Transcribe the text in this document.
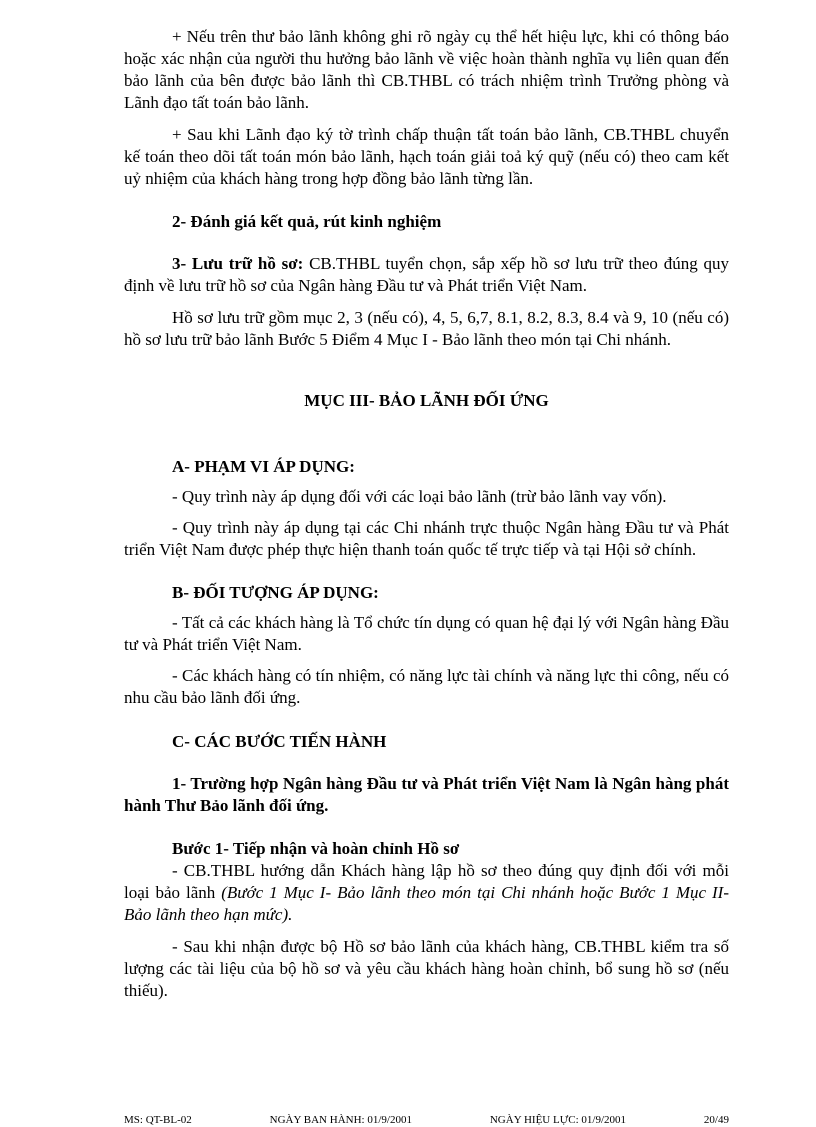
+ Nếu trên thư bảo lãnh không ghi rõ ngày cụ thể hết hiệu lực, khi có thông báo hoặc xác nhận của người thu hưởng bảo lãnh về việc hoàn thành nghĩa vụ liên quan đến bảo lãnh của bên được bảo lãnh thì CB.THBL có trách nhiệm trình Trưởng phòng và Lãnh đạo tất toán bảo lãnh.

+ Sau khi Lãnh đạo ký tờ trình chấp thuận tất toán bảo lãnh, CB.THBL chuyển kế toán theo dõi tất toán món bảo lãnh, hạch toán giải toả ký quỹ (nếu có) theo cam kết uỷ nhiệm của khách hàng trong hợp đồng bảo lãnh từng lần.

2- Đánh giá kết quả, rút kinh nghiệm

3- Lưu trữ hồ sơ: CB.THBL tuyển chọn, sắp xếp hồ sơ lưu trữ theo đúng quy định về lưu trữ hồ sơ của Ngân hàng Đầu tư và Phát triển Việt Nam.

Hồ sơ lưu trữ gồm mục 2, 3 (nếu có), 4, 5, 6,7, 8.1, 8.2, 8.3, 8.4 và 9, 10 (nếu có) hồ sơ lưu trữ bảo lãnh Bước 5 Điểm 4 Mục I - Bảo lãnh theo món tại Chi nhánh.

MỤC III- BẢO LÃNH ĐỐI ỨNG

A- PHẠM VI ÁP DỤNG:

- Quy trình này áp dụng đối với các loại bảo lãnh (trừ bảo lãnh vay vốn).

- Quy trình này áp dụng tại các Chi nhánh trực thuộc Ngân hàng Đầu tư và Phát triển Việt Nam được phép thực hiện thanh toán quốc tế trực tiếp và tại Hội sở chính.

B- ĐỐI TƯỢNG ÁP DỤNG:

- Tất cả các khách hàng là Tổ chức tín dụng có quan hệ đại lý với Ngân hàng Đầu tư và Phát triển Việt Nam.

- Các khách hàng có tín nhiệm, có năng lực tài chính và năng lực thi công, nếu có nhu cầu bảo lãnh đối ứng.

C- CÁC BƯỚC TIẾN HÀNH

1- Trường hợp Ngân hàng Đầu tư và Phát triển Việt Nam là Ngân hàng phát hành Thư Bảo lãnh đối ứng.

Bước 1- Tiếp nhận và hoàn chỉnh Hồ sơ

- CB.THBL hướng dẫn Khách hàng lập hồ sơ theo đúng quy định đối với mỗi loại bảo lãnh (Bước 1 Mục I- Bảo lãnh theo món tại Chi nhánh hoặc Bước 1 Mục II- Bảo lãnh theo hạn mức).

- Sau khi nhận được bộ Hồ sơ bảo lãnh của khách hàng, CB.THBL kiểm tra số lượng các tài liệu của bộ hồ sơ và yêu cầu khách hàng hoàn chỉnh, bổ sung hồ sơ (nếu thiếu).

MS: QT-BL-02	NGÀY BAN HÀNH: 01/9/2001	NGÀY HIỆU LỰC: 01/9/2001	20/49
